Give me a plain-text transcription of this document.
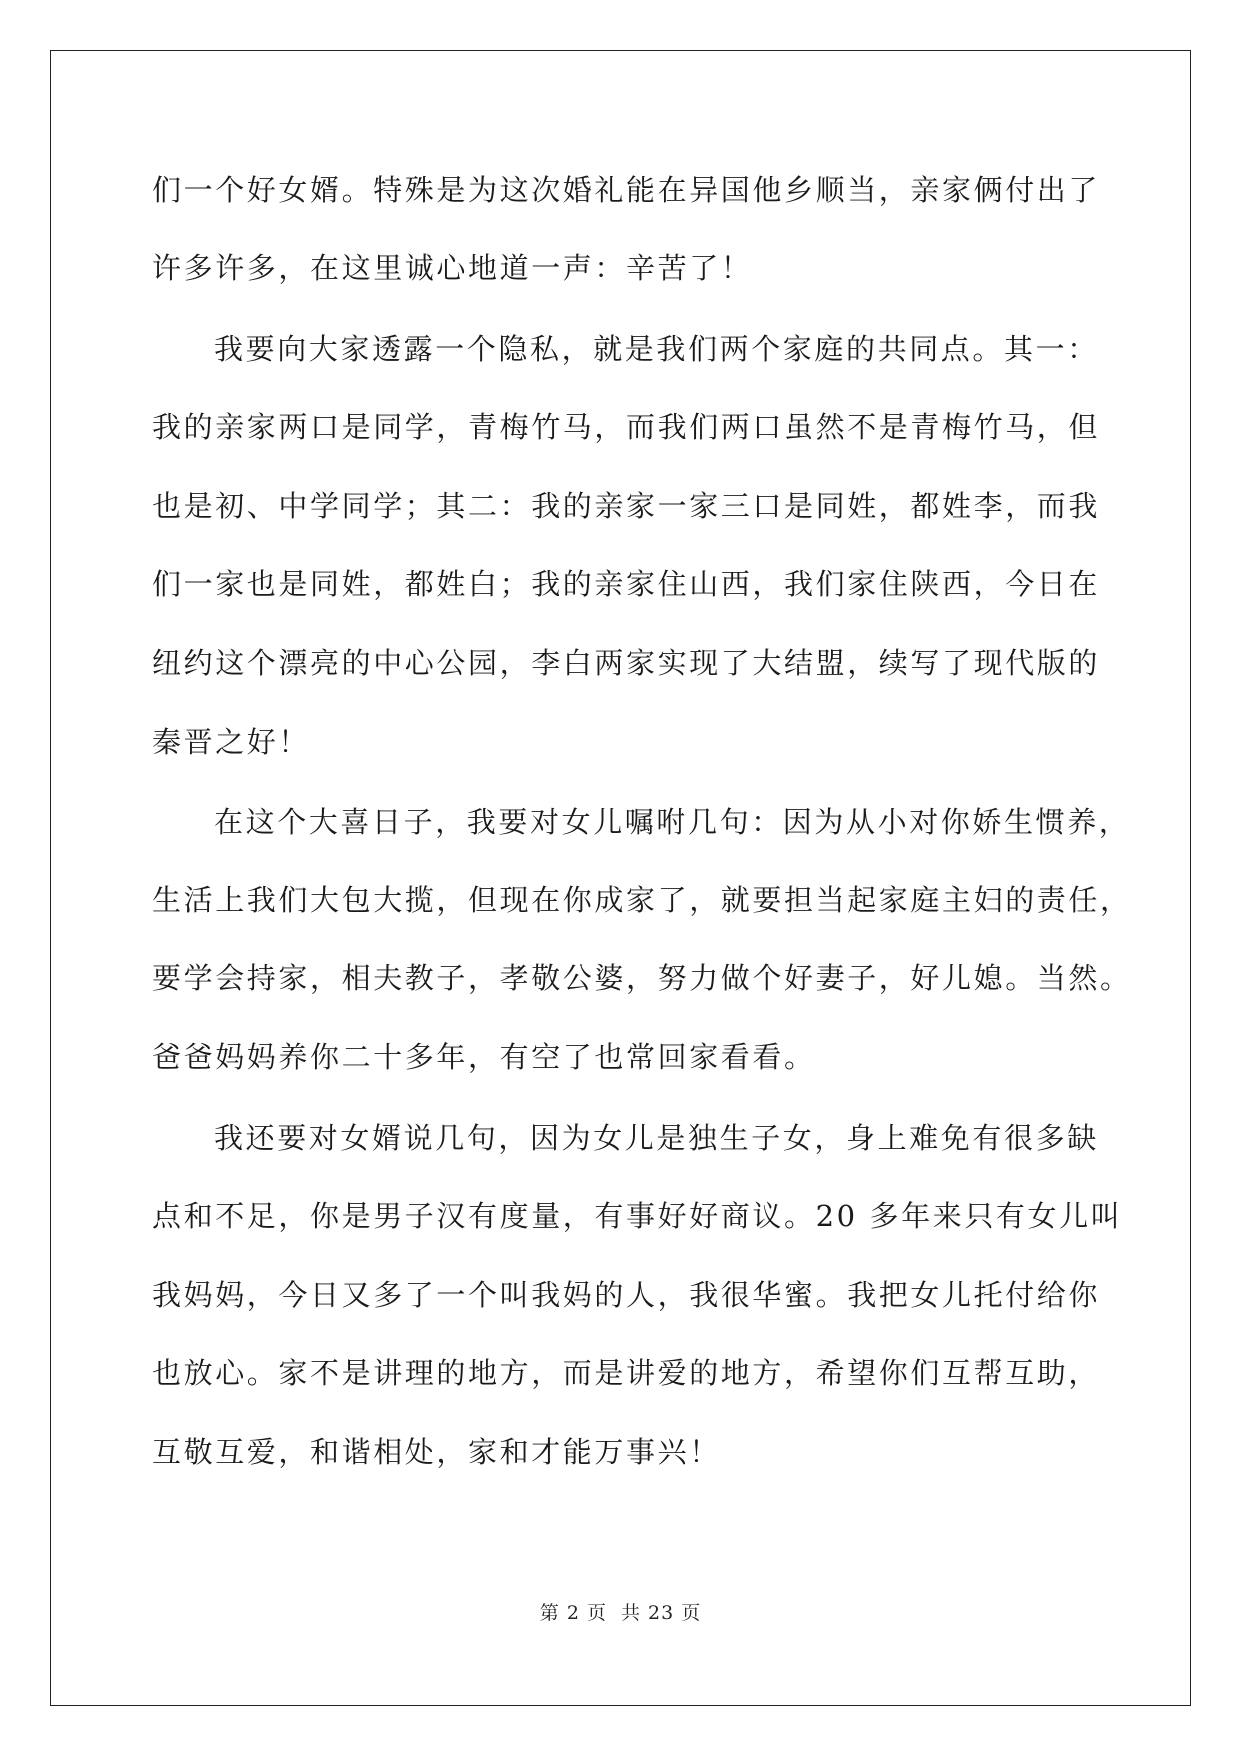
们一个好女婿。特殊是为这次婚礼能在异国他乡顺当，亲家俩付出了
许多许多，在这里诚心地道一声：辛苦了！
我要向大家透露一个隐私，就是我们两个家庭的共同点。其一：
我的亲家两口是同学，青梅竹马，而我们两口虽然不是青梅竹马，但
也是初、中学同学；其二：我的亲家一家三口是同姓，都姓李，而我
们一家也是同姓，都姓白；我的亲家住山西，我们家住陕西，今日在
纽约这个漂亮的中心公园，李白两家实现了大结盟，续写了现代版的
秦晋之好！
在这个大喜日子，我要对女儿嘱咐几句：因为从小对你娇生惯养，
生活上我们大包大揽，但现在你成家了，就要担当起家庭主妇的责任，
要学会持家，相夫教子，孝敬公婆，努力做个好妻子，好儿媳。当然。
爸爸妈妈养你二十多年，有空了也常回家看看。
我还要对女婿说几句，因为女儿是独生子女，身上难免有很多缺
点和不足，你是男子汉有度量，有事好好商议。20 多年来只有女儿叫
我妈妈，今日又多了一个叫我妈的人，我很华蜜。我把女儿托付给你
也放心。家不是讲理的地方，而是讲爱的地方，希望你们互帮互助，
互敬互爱，和谐相处，家和才能万事兴！
第 2 页 共 23 页
